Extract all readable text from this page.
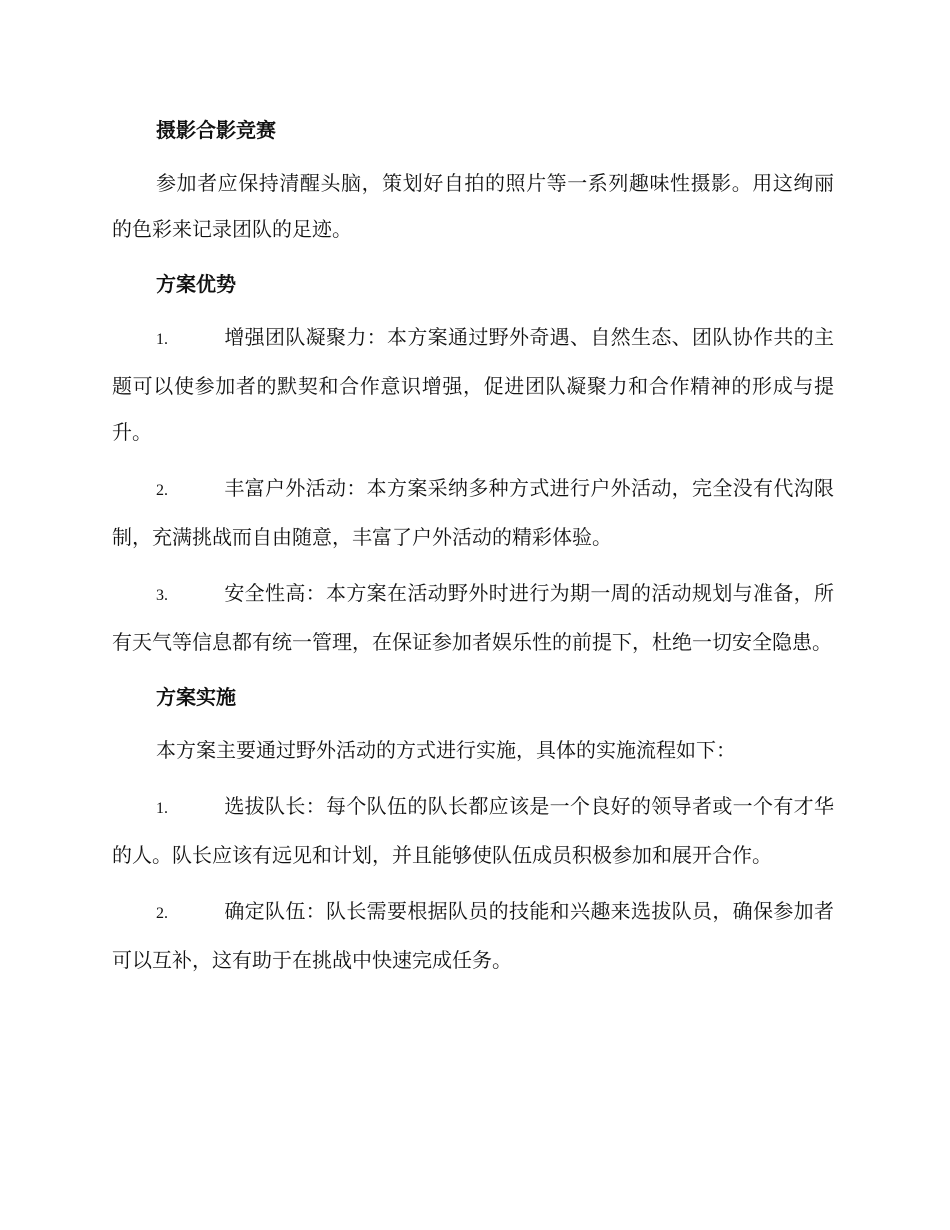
摄影合影竞赛

参加者应保持清醒头脑，策划好自拍的照片等一系列趣味性摄影。用这绚丽的色彩来记录团队的足迹。

方案优势

1.	增强团队凝聚力：本方案通过野外奇遇、自然生态、团队协作共的主题可以使参加者的默契和合作意识增强，促进团队凝聚力和合作精神的形成与提升。

2.	丰富户外活动：本方案采纳多种方式进行户外活动，完全没有代沟限制，充满挑战而自由随意，丰富了户外活动的精彩体验。

3.	安全性高：本方案在活动野外时进行为期一周的活动规划与准备，所有天气等信息都有统一管理，在保证参加者娱乐性的前提下，杜绝一切安全隐患。

方案实施

本方案主要通过野外活动的方式进行实施，具体的实施流程如下：

1.	选拔队长：每个队伍的队长都应该是一个良好的领导者或一个有才华的人。队长应该有远见和计划，并且能够使队伍成员积极参加和展开合作。

2.	确定队伍：队长需要根据队员的技能和兴趣来选拔队员，确保参加者可以互补，这有助于在挑战中快速完成任务。
